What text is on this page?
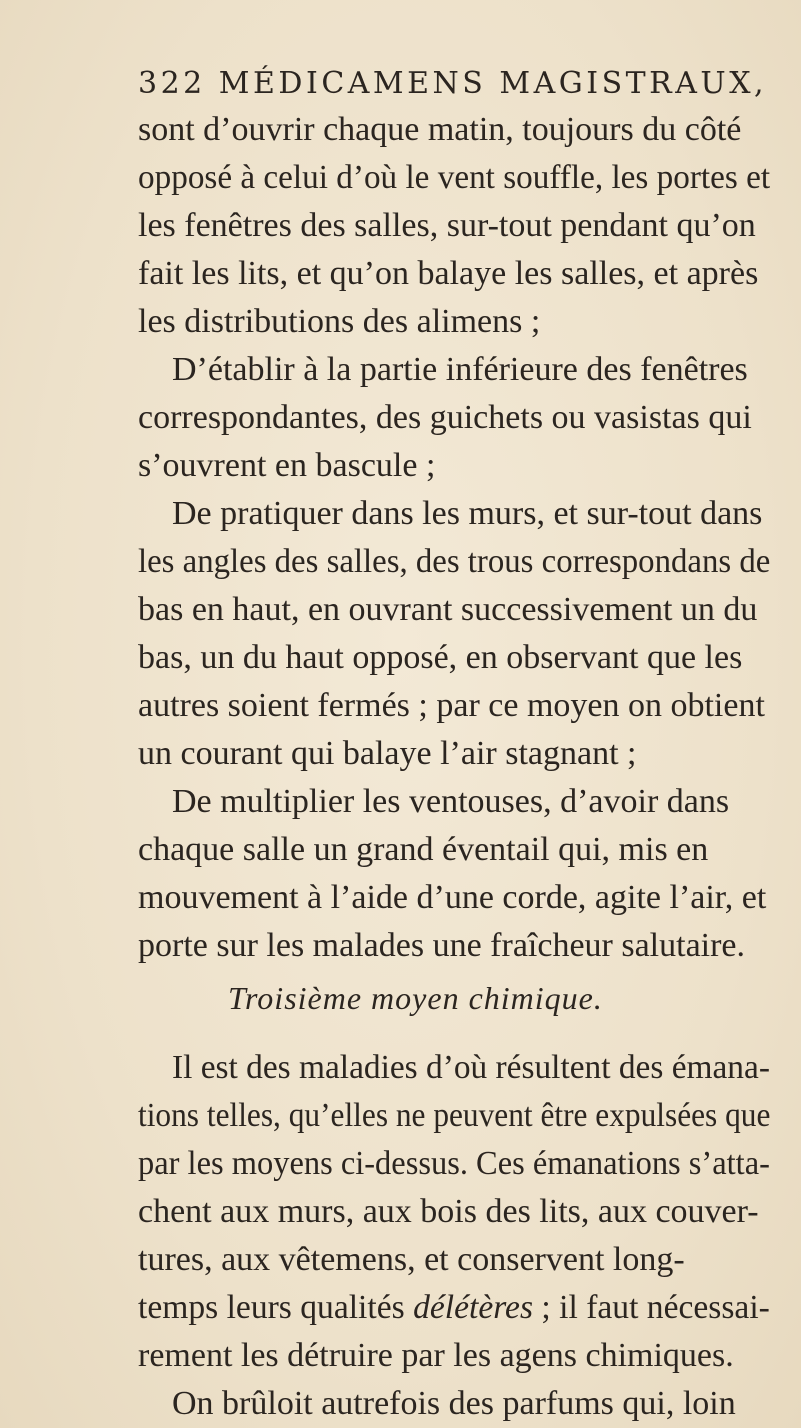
322 MÉDICAMENS MAGISTRAUX,
sont d’ouvrir chaque matin, toujours du côté
opposé à celui d’où le vent souffle, les portes et
les fenêtres des salles, sur-tout pendant qu’on
fait les lits, et qu’on balaye les salles, et après
les distributions des alimens ;
D’établir à la partie inférieure des fenêtres
correspondantes, des guichets ou vasistas qui
s’ouvrent en bascule ;
De pratiquer dans les murs, et sur-tout dans
les angles des salles, des trous correspondans de
bas en haut, en ouvrant successivement un du
bas, un du haut opposé, en observant que les
autres soient fermés ; par ce moyen on obtient
un courant qui balaye l’air stagnant ;
De multiplier les ventouses, d’avoir dans
chaque salle un grand éventail qui, mis en
mouvement à l’aide d’une corde, agite l’air, et
porte sur les malades une fraîcheur salutaire.
Troisième moyen chimique.
Il est des maladies d’où résultent des émana-
tions telles, qu’elles ne peuvent être expulsées que
par les moyens ci-dessus. Ces émanations s’atta-
chent aux murs, aux bois des lits, aux couver-
tures, aux vêtemens, et conservent long-
temps leurs qualités délétères ; il faut nécessai-
rement les détruire par les agens chimiques.
On brûloit autrefois des parfums qui, loin
